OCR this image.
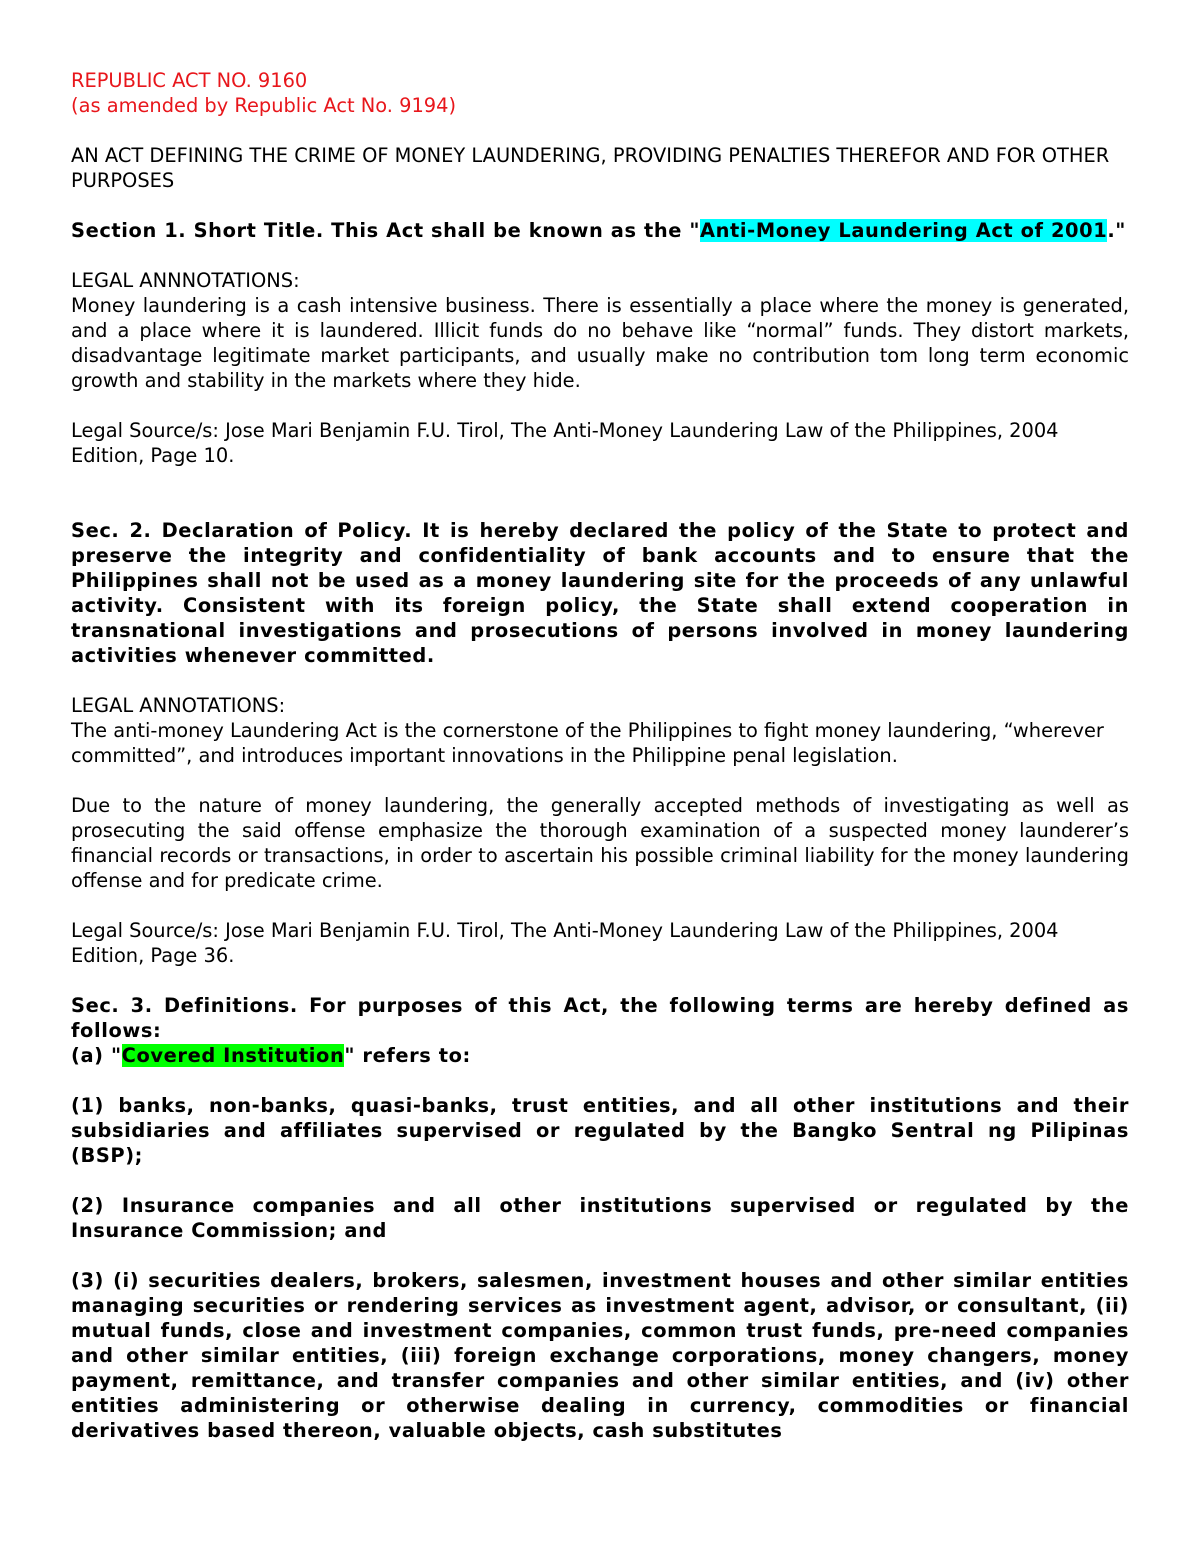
REPUBLIC ACT NO. 9160

(as amended by Republic Act No. 9194)

AN ACT DEFINING THE CRIME OF MONEY LAUNDERING, PROVIDING PENALTIES THEREFOR AND FOR OTHER PURPOSES

Section 1. Short Title. This Act shall be known as the "Anti-Money Laundering Act of 2001."

LEGAL ANNNOTATIONS:

Money laundering is a cash intensive business. There is essentially a place where the money is generated, and a place where it is laundered. Illicit funds do no behave like “normal” funds. They distort markets, disadvantage legitimate market participants, and usually make no contribution tom long term economic growth and stability in the markets where they hide.

Legal Source/s: Jose Mari Benjamin F.U. Tirol, The Anti-Money Laundering Law of the Philippines, 2004 Edition, Page 10.

Sec. 2. Declaration of Policy. It is hereby declared the policy of the State to protect and preserve the integrity and confidentiality of bank accounts and to ensure that the Philippines shall not be used as a money laundering site for the proceeds of any unlawful activity. Consistent with its foreign policy, the State shall extend cooperation in transnational investigations and prosecutions of persons involved in money laundering activities whenever committed.

LEGAL ANNOTATIONS:

The anti-money Laundering Act is the cornerstone of the Philippines to fight money laundering, “wherever committed”, and introduces important innovations in the Philippine penal legislation.

Due to the nature of money laundering, the generally accepted methods of investigating as well as prosecuting the said offense emphasize the thorough examination of a suspected money launderer’s financial records or transactions, in order to ascertain his possible criminal liability for the money laundering offense and for predicate crime.

Legal Source/s: Jose Mari Benjamin F.U. Tirol, The Anti-Money Laundering Law of the Philippines, 2004 Edition, Page 36.

Sec. 3. Definitions. For purposes of this Act, the following terms are hereby defined as follows:

(a) "Covered Institution" refers to:

(1) banks, non-banks, quasi-banks, trust entities, and all other institutions and their subsidiaries and affiliates supervised or regulated by the Bangko Sentral ng Pilipinas (BSP);

(2) Insurance companies and all other institutions supervised or regulated by the Insurance Commission; and

(3) (i) securities dealers, brokers, salesmen, investment houses and other similar entities managing securities or rendering services as investment agent, advisor, or consultant, (ii) mutual funds, close and investment companies, common trust funds, pre-need companies and other similar entities, (iii) foreign exchange corporations, money changers, money payment, remittance, and transfer companies and other similar entities, and (iv) other entities administering or otherwise dealing in currency, commodities or financial derivatives based thereon, valuable objects, cash substitutes
